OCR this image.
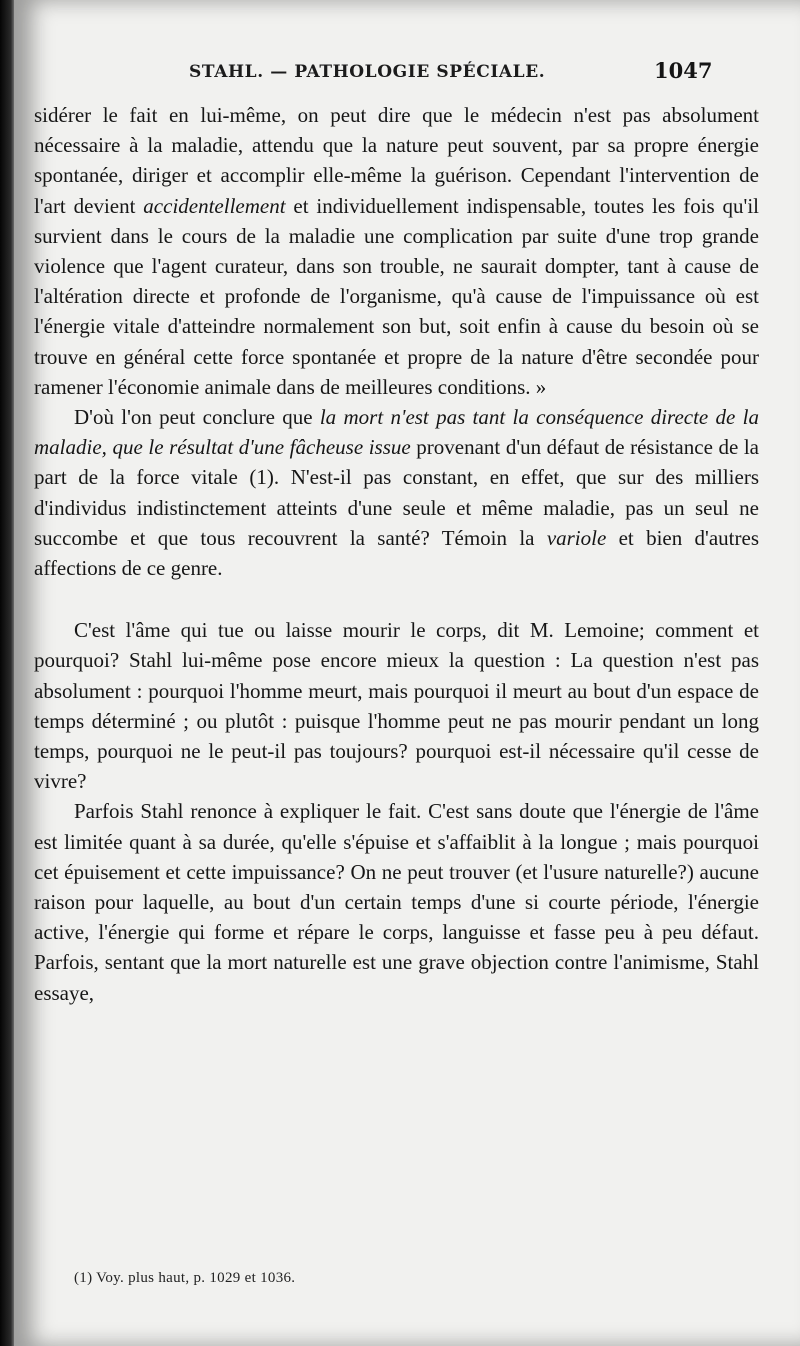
STAHL. — PATHOLOGIE SPÉCIALE.	1047

sidérer le fait en lui-même, on peut dire que le médecin n'est pas absolument nécessaire à la maladie, attendu que la nature peut souvent, par sa propre énergie spontanée, diriger et accomplir elle-même la guérison. Cependant l'intervention de l'art devient accidentellement et individuellement indispensable, toutes les fois qu'il survient dans le cours de la maladie une complication par suite d'une trop grande violence que l'agent curateur, dans son trouble, ne saurait dompter, tant à cause de l'altération directe et profonde de l'organisme, qu'à cause de l'impuissance où est l'énergie vitale d'atteindre normalement son but, soit enfin à cause du besoin où se trouve en général cette force spontanée et propre de la nature d'être secondée pour ramener l'économie animale dans de meilleures conditions. »

D'où l'on peut conclure que la mort n'est pas tant la conséquence directe de la maladie, que le résultat d'une fâcheuse issue provenant d'un défaut de résistance de la part de la force vitale (1). N'est-il pas constant, en effet, que sur des milliers d'individus indistinctement atteints d'une seule et même maladie, pas un seul ne succombe et que tous recouvrent la santé? Témoin la variole et bien d'autres affections de ce genre.

C'est l'âme qui tue ou laisse mourir le corps, dit M. Lemoine; comment et pourquoi? Stahl lui-même pose encore mieux la question : La question n'est pas absolument : pourquoi l'homme meurt, mais pourquoi il meurt au bout d'un espace de temps déterminé ; ou plutôt : puisque l'homme peut ne pas mourir pendant un long temps, pourquoi ne le peut-il pas toujours? pourquoi est-il nécessaire qu'il cesse de vivre?

Parfois Stahl renonce à expliquer le fait. C'est sans doute que l'énergie de l'âme est limitée quant à sa durée, qu'elle s'épuise et s'affaiblit à la longue ; mais pourquoi cet épuisement et cette impuissance? On ne peut trouver (et l'usure naturelle?) aucune raison pour laquelle, au bout d'un certain temps d'une si courte période, l'énergie active, l'énergie qui forme et répare le corps, languisse et fasse peu à peu défaut. Parfois, sentant que la mort naturelle est une grave objection contre l'animisme, Stahl essaye,

(1) Voy. plus haut, p. 1029 et 1036.
